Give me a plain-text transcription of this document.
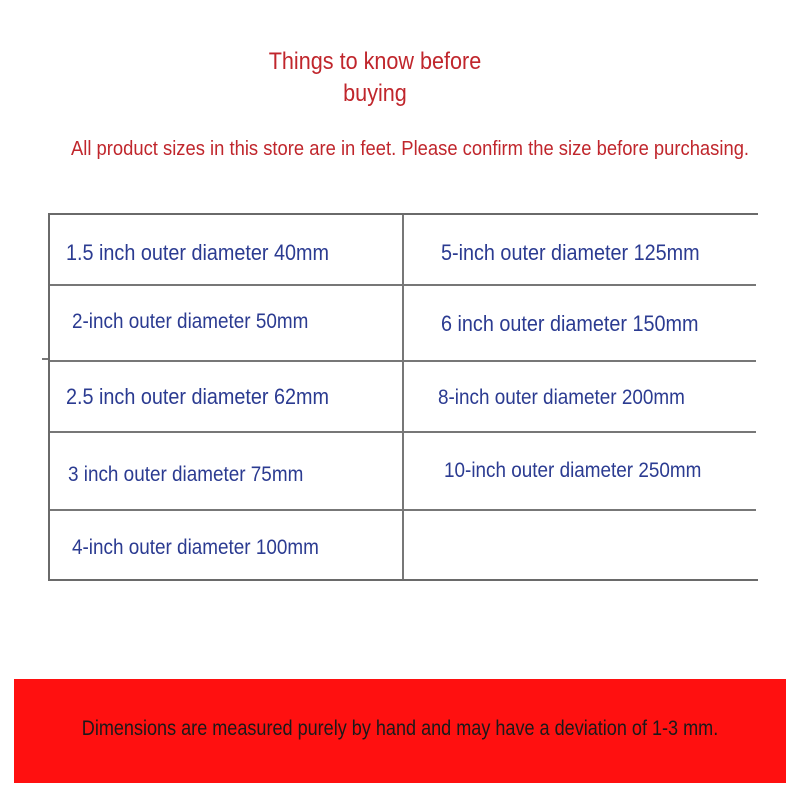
Things to know before
buying
All product sizes in this store are in feet. Please confirm the size before purchasing.
1.5 inch outer diameter 40mm
2-inch outer diameter 50mm
2.5 inch outer diameter 62mm
3 inch outer diameter 75mm
4-inch outer diameter 100mm
5-inch outer diameter 125mm
6 inch outer diameter 150mm
8-inch outer diameter 200mm
10-inch outer diameter 250mm
Dimensions are measured purely by hand and may have a deviation of 1-3 mm.
